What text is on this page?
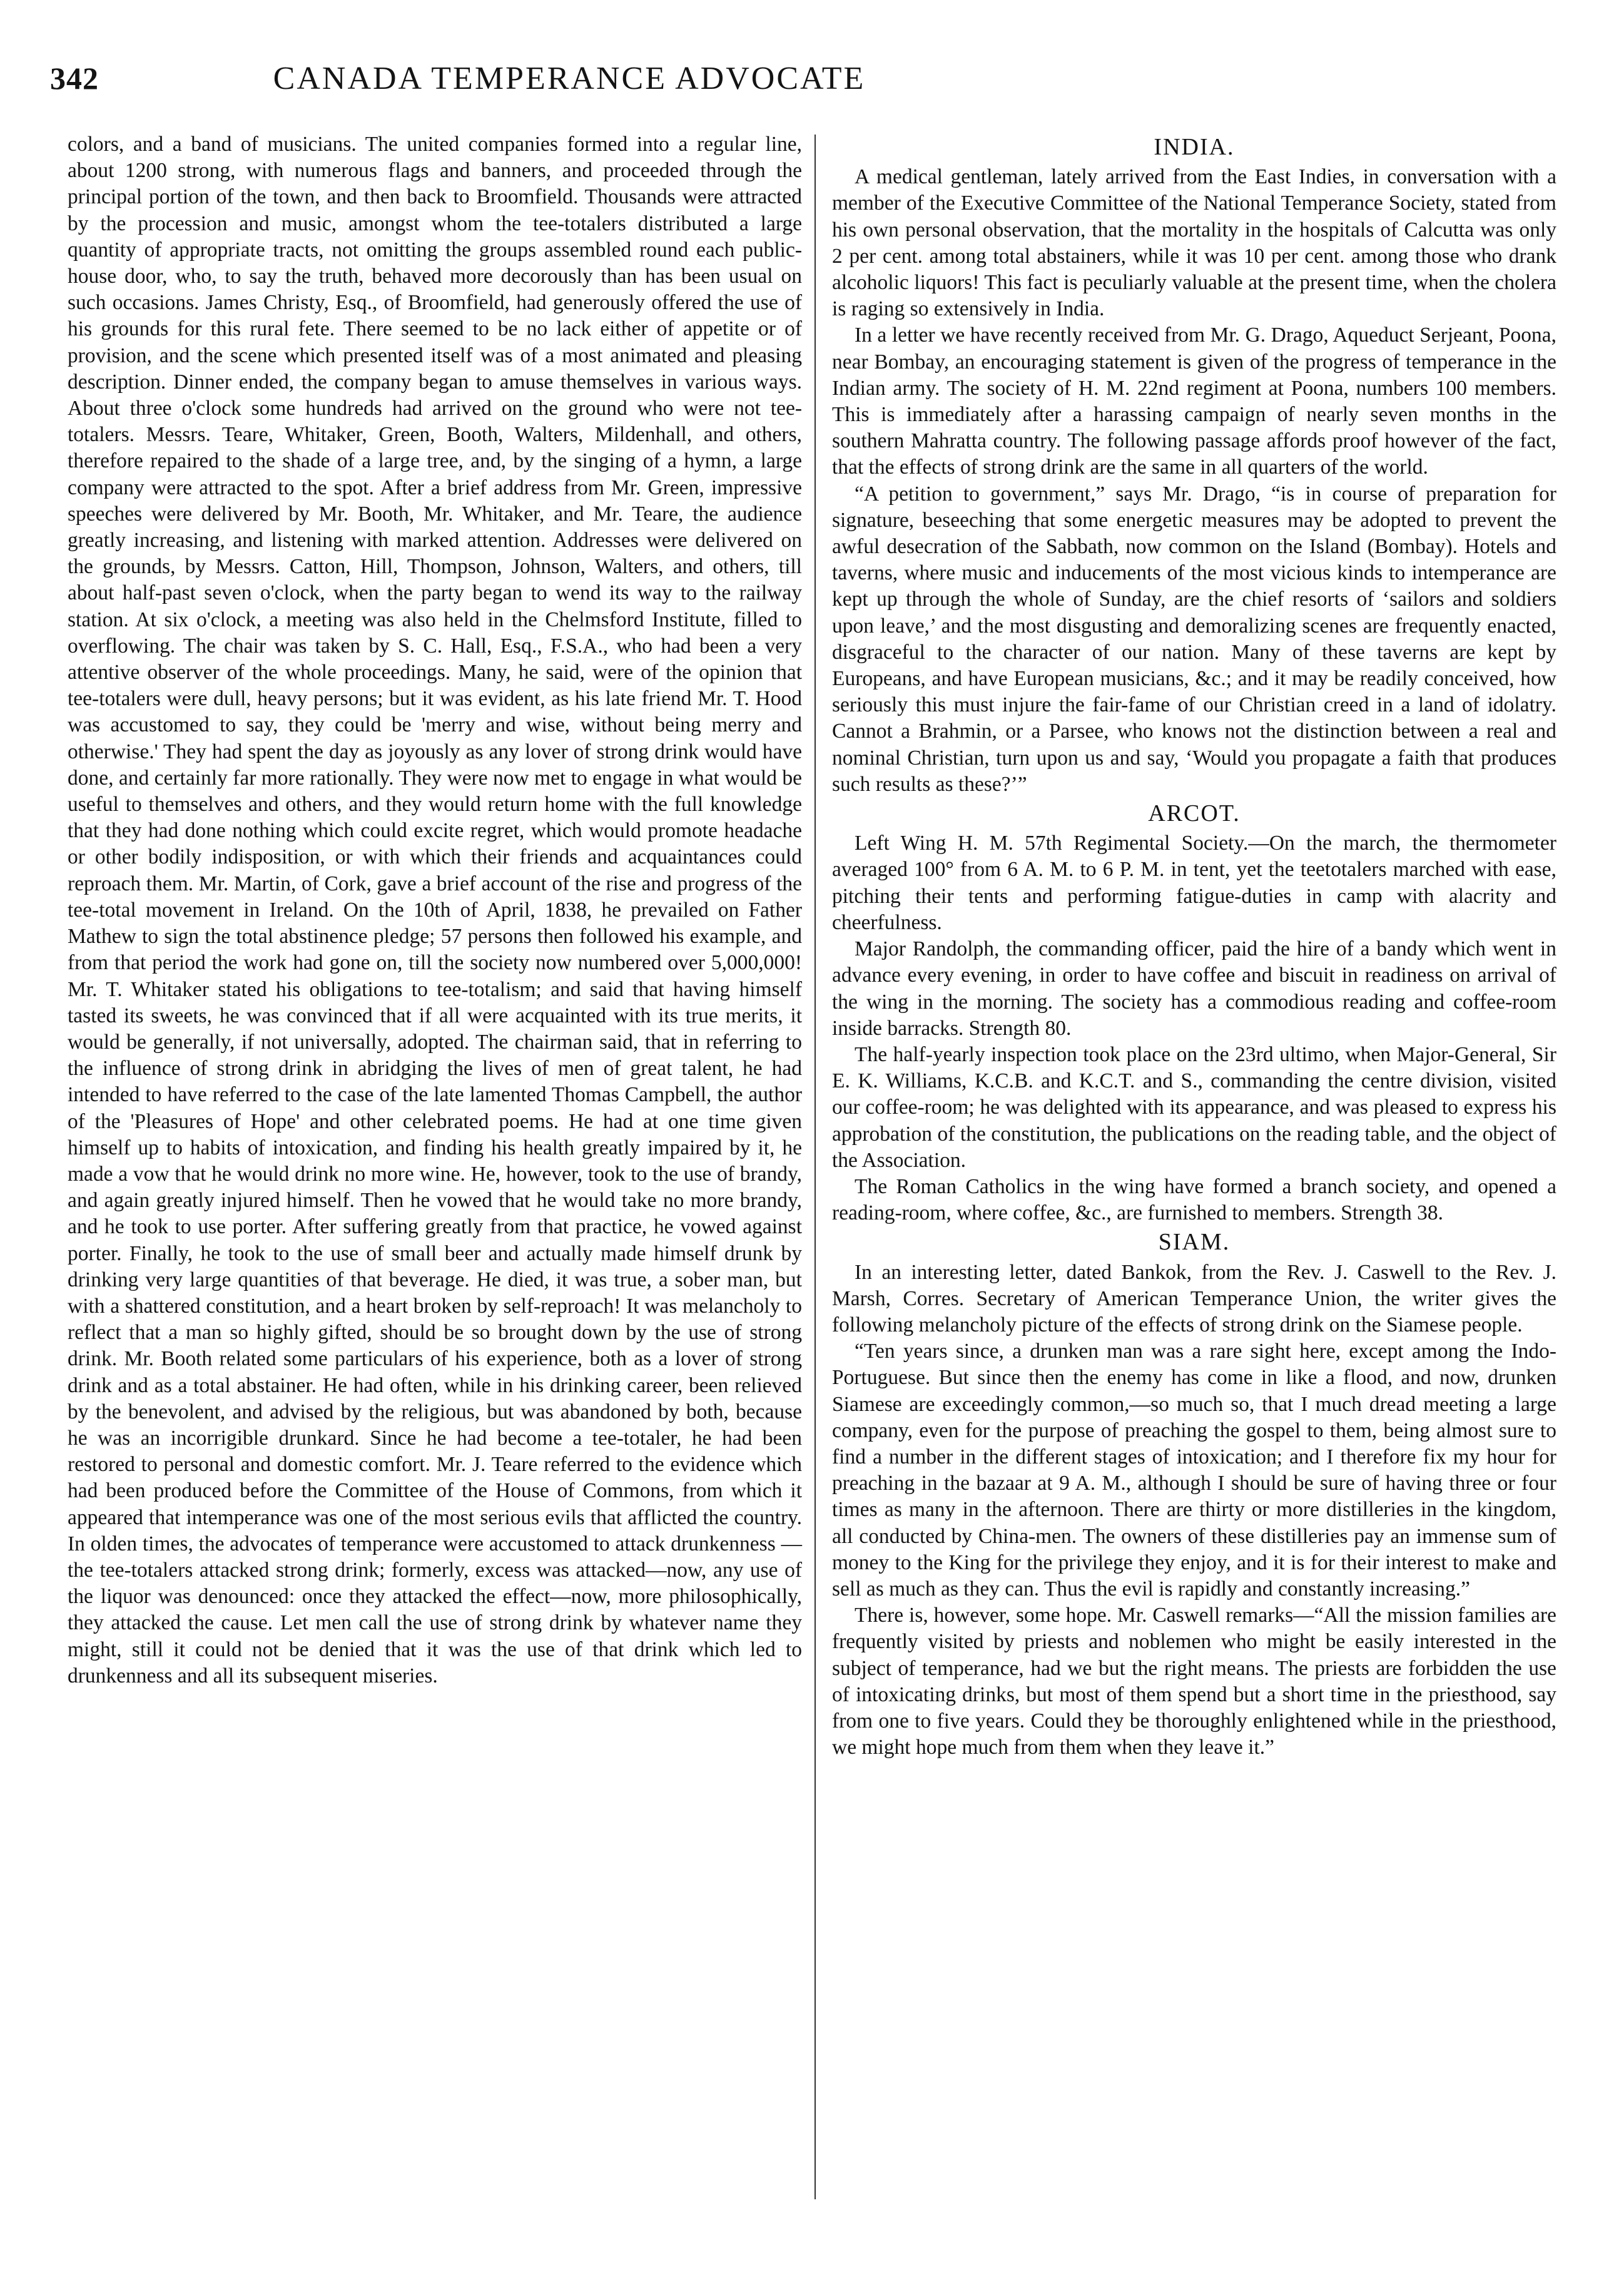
342	CANADA TEMPERANCE ADVOCATE

colors, and a band of musicians. The united companies formed into a regular line, about 1200 strong, with numerous flags and banners, and proceeded through the principal portion of the town, and then back to Broomfield. Thousands were attracted by the procession and music, amongst whom the tee-totalers distributed a large quantity of appropriate tracts, not omitting the groups assembled round each public-house door, who, to say the truth, behaved more decorously than has been usual on such occasions. James Christy, Esq., of Broomfield, had generously offered the use of his grounds for this rural fete. There seemed to be no lack either of appetite or of provision, and the scene which presented itself was of a most animated and pleasing description. Dinner ended, the company began to amuse themselves in various ways. About three o'clock some hundreds had arrived on the ground who were not tee-totalers. Messrs. Teare, Whitaker, Green, Booth, Walters, Mildenhall, and others, therefore repaired to the shade of a large tree, and, by the singing of a hymn, a large company were attracted to the spot. After a brief address from Mr. Green, impressive speeches were delivered by Mr. Booth, Mr. Whitaker, and Mr. Teare, the audience greatly increasing, and listening with marked attention. Addresses were delivered on the grounds, by Messrs. Catton, Hill, Thompson, Johnson, Walters, and others, till about half-past seven o'clock, when the party began to wend its way to the railway station. At six o'clock, a meeting was also held in the Chelmsford Institute, filled to overflowing. The chair was taken by S. C. Hall, Esq., F.S.A., who had been a very attentive observer of the whole proceedings. Many, he said, were of the opinion that tee-totalers were dull, heavy persons; but it was evident, as his late friend Mr. T. Hood was accustomed to say, they could be 'merry and wise, without being merry and otherwise.' They had spent the day as joyously as any lover of strong drink would have done, and certainly far more rationally. They were now met to engage in what would be useful to themselves and others, and they would return home with the full knowledge that they had done nothing which could excite regret, which would promote headache or other bodily indisposition, or with which their friends and acquaintances could reproach them. Mr. Martin, of Cork, gave a brief account of the rise and progress of the tee-total movement in Ireland. On the 10th of April, 1838, he prevailed on Father Mathew to sign the total abstinence pledge; 57 persons then followed his example, and from that period the work had gone on, till the society now numbered over 5,000,000! Mr. T. Whitaker stated his obligations to tee-totalism; and said that having himself tasted its sweets, he was convinced that if all were acquainted with its true merits, it would be generally, if not universally, adopted. The chairman said, that in referring to the influence of strong drink in abridging the lives of men of great talent, he had intended to have referred to the case of the late lamented Thomas Campbell, the author of the 'Pleasures of Hope' and other celebrated poems. He had at one time given himself up to habits of intoxication, and finding his health greatly impaired by it, he made a vow that he would drink no more wine. He, however, took to the use of brandy, and again greatly injured himself. Then he vowed that he would take no more brandy, and he took to use porter. After suffering greatly from that practice, he vowed against porter. Finally, he took to the use of small beer and actually made himself drunk by drinking very large quantities of that beverage. He died, it was true, a sober man, but with a shattered constitution, and a heart broken by self-reproach! It was melancholy to reflect that a man so highly gifted, should be so brought down by the use of strong drink. Mr. Booth related some particulars of his experience, both as a lover of strong drink and as a total abstainer. He had often, while in his drinking career, been relieved by the benevolent, and advised by the religious, but was abandoned by both, because he was an incorrigible drunkard. Since he had become a tee-totaler, he had been restored to personal and domestic comfort. Mr. J. Teare referred to the evidence which had been produced before the Committee of the House of Commons, from which it appeared that intemperance was one of the most serious evils that afflicted the country. In olden times, the advocates of temperance were accustomed to attack drunkenness —the tee-totalers attacked strong drink; formerly, excess was attacked—now, any use of the liquor was denounced: once they attacked the effect—now, more philosophically, they attacked the cause. Let men call the use of strong drink by whatever name they might, still it could not be denied that it was the use of that drink which led to drunkenness and all its subsequent miseries.

INDIA.

A medical gentleman, lately arrived from the East Indies, in conversation with a member of the Executive Committee of the National Temperance Society, stated from his own personal observation, that the mortality in the hospitals of Calcutta was only 2 per cent. among total abstainers, while it was 10 per cent. among those who drank alcoholic liquors! This fact is peculiarly valuable at the present time, when the cholera is raging so extensively in India.

In a letter we have recently received from Mr. G. Drago, Aqueduct Serjeant, Poona, near Bombay, an encouraging statement is given of the progress of temperance in the Indian army. The society of H. M. 22nd regiment at Poona, numbers 100 members. This is immediately after a harassing campaign of nearly seven months in the southern Mahratta country. The following passage affords proof however of the fact, that the effects of strong drink are the same in all quarters of the world.

“A petition to government,” says Mr. Drago, “is in course of preparation for signature, beseeching that some energetic measures may be adopted to prevent the awful desecration of the Sabbath, now common on the Island (Bombay). Hotels and taverns, where music and inducements of the most vicious kinds to intemperance are kept up through the whole of Sunday, are the chief resorts of ‘sailors and soldiers upon leave,’ and the most disgusting and demoralizing scenes are frequently enacted, disgraceful to the character of our nation. Many of these taverns are kept by Europeans, and have European musicians, &c.; and it may be readily conceived, how seriously this must injure the fair-fame of our Christian creed in a land of idolatry. Cannot a Brahmin, or a Parsee, who knows not the distinction between a real and nominal Christian, turn upon us and say, ‘Would you propagate a faith that produces such results as these?’”

ARCOT.

Left Wing H. M. 57th Regimental Society.—On the march, the thermometer averaged 100° from 6 A. M. to 6 P. M. in tent, yet the teetotalers marched with ease, pitching their tents and performing fatigue-duties in camp with alacrity and cheerfulness.

Major Randolph, the commanding officer, paid the hire of a bandy which went in advance every evening, in order to have coffee and biscuit in readiness on arrival of the wing in the morning. The society has a commodious reading and coffee-room inside barracks. Strength 80.

The half-yearly inspection took place on the 23rd ultimo, when Major-General, Sir E. K. Williams, K.C.B. and K.C.T. and S., commanding the centre division, visited our coffee-room; he was delighted with its appearance, and was pleased to express his approbation of the constitution, the publications on the reading table, and the object of the Association.

The Roman Catholics in the wing have formed a branch society, and opened a reading-room, where coffee, &c., are furnished to members. Strength 38.

SIAM.

In an interesting letter, dated Bankok, from the Rev. J. Caswell to the Rev. J. Marsh, Corres. Secretary of American Temperance Union, the writer gives the following melancholy picture of the effects of strong drink on the Siamese people.

“Ten years since, a drunken man was a rare sight here, except among the Indo-Portuguese. But since then the enemy has come in like a flood, and now, drunken Siamese are exceedingly common,—so much so, that I much dread meeting a large company, even for the purpose of preaching the gospel to them, being almost sure to find a number in the different stages of intoxication; and I therefore fix my hour for preaching in the bazaar at 9 A. M., although I should be sure of having three or four times as many in the afternoon. There are thirty or more distilleries in the kingdom, all conducted by China-men. The owners of these distilleries pay an immense sum of money to the King for the privilege they enjoy, and it is for their interest to make and sell as much as they can. Thus the evil is rapidly and constantly increasing.”

There is, however, some hope. Mr. Caswell remarks—“All the mission families are frequently visited by priests and noblemen who might be easily interested in the subject of temperance, had we but the right means. The priests are forbidden the use of intoxicating drinks, but most of them spend but a short time in the priesthood, say from one to five years. Could they be thoroughly enlightened while in the priesthood, we might hope much from them when they leave it.”
